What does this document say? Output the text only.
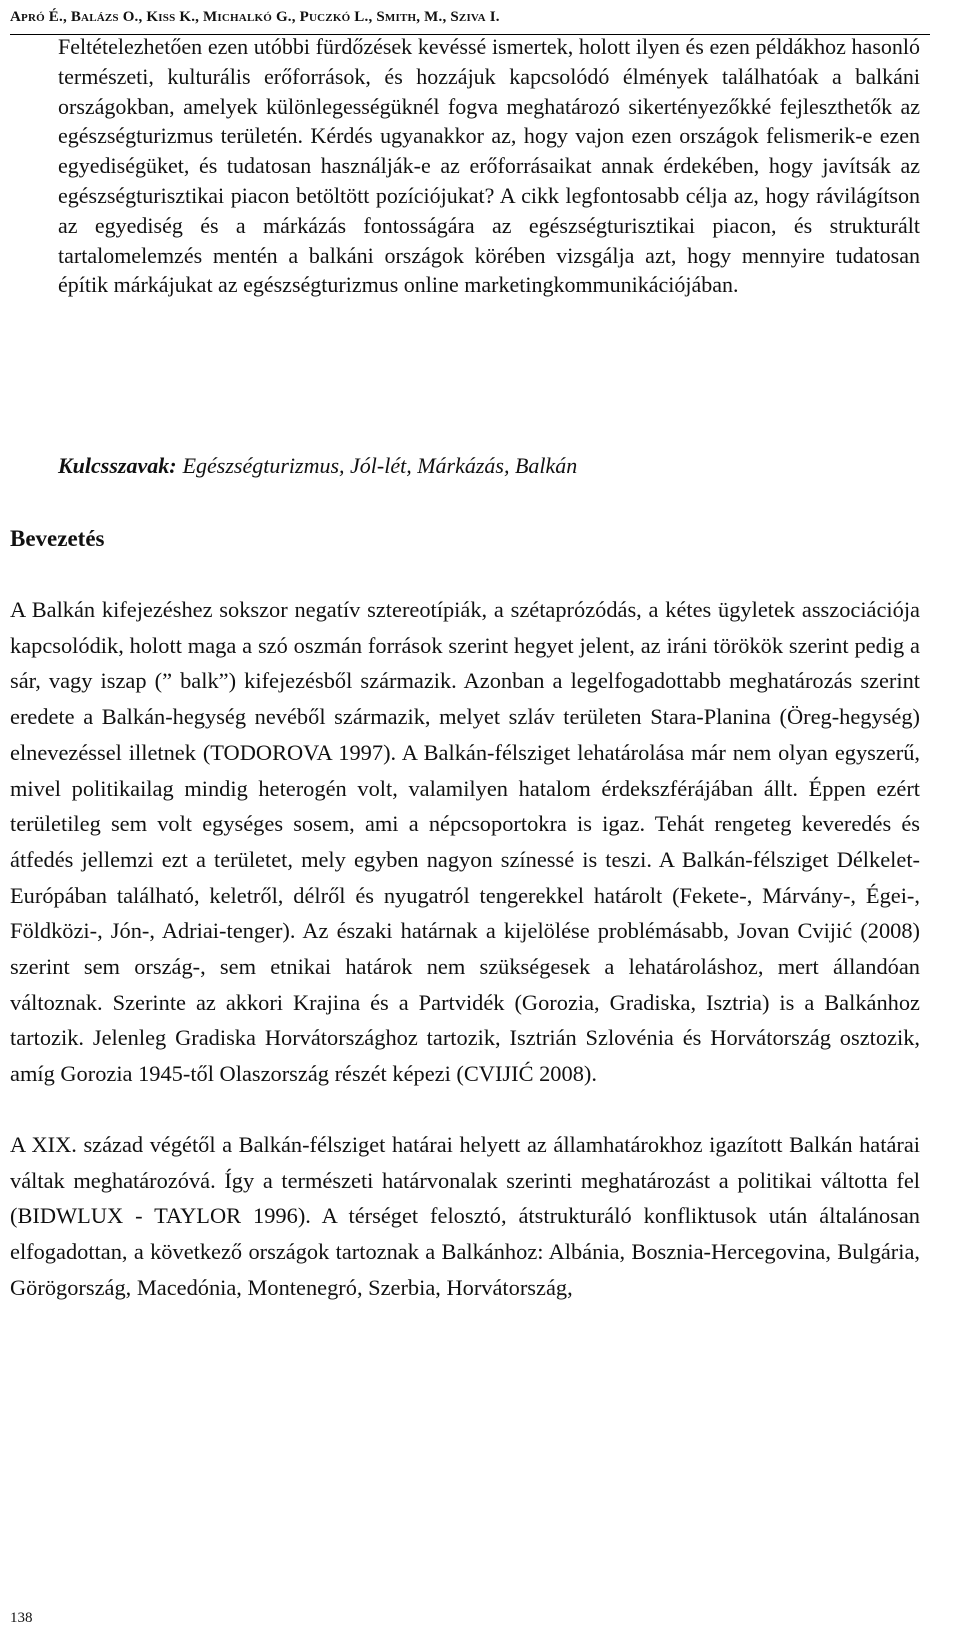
Apró É., Balázs O., Kiss K., Michalkó G., Puczkó L., Smith, M., Sziva I.

Feltételezhetően ezen utóbbi fürdőzések kevéssé ismertek, holott ilyen és ezen példákhoz hasonló természeti, kulturális erőforrások, és hozzájuk kapcsolódó élmények találhatóak a balkáni országokban, amelyek különlegességüknél fogva meghatározó sikertényezőkké fejleszthetők az egészségturizmus területén. Kérdés ugyanakkor az, hogy vajon ezen országok felismerik-e ezen egyediségüket, és tudatosan használják-e az erőforrásaikat annak érdekében, hogy javítsák az egészségturisztikai piacon betöltött pozíciójukat? A cikk legfontosabb célja az, hogy rávilágítson az egyediség és a márkázás fontosságára az egészségturisztikai piacon, és strukturált tartalomelemzés mentén a balkáni országok körében vizsgálja azt, hogy mennyire tudatosan építik márkájukat az egészségturizmus online marketingkommunikációjában.

Kulcsszavak: Egészségturizmus, Jól-lét, Márkázás, Balkán
Bevezetés

A Balkán kifejezéshez sokszor negatív sztereotípiák, a szétaprózódás, a kétes ügyletek asszociációja kapcsolódik, holott maga a szó oszmán források szerint hegyet jelent, az iráni törökök szerint pedig a sár, vagy iszap (” balk”) kifejezésből származik. Azonban a legelfogadottabb meghatározás szerint eredete a Balkán-hegység nevéből származik, melyet szláv területen Stara-Planina (Öreg-hegység) elnevezéssel illetnek (TODOROVA 1997). A Balkán-félsziget lehatárolása már nem olyan egyszerű, mivel politikailag mindig heterogén volt, valamilyen hatalom érdekszférájában állt. Éppen ezért területileg sem volt egységes sosem, ami a népcsoportokra is igaz. Tehát rengeteg keveredés és átfedés jellemzi ezt a területet, mely egyben nagyon színessé is teszi. A Balkán-félsziget Délkelet-Európában található, keletről, délről és nyugatról tengerekkel határolt (Fekete-, Márvány-, Égei-, Földközi-, Jón-, Adriai-tenger). Az északi határnak a kijelölése problémásabb, Jovan Cvijić (2008) szerint sem ország-, sem etnikai határok nem szükségesek a lehatároláshoz, mert állandóan változnak. Szerinte az akkori Krajina és a Partvidék (Gorozia, Gradiska, Isztria) is a Balkánhoz tartozik. Jelenleg Gradiska Horvátországhoz tartozik, Isztrián Szlovénia és Horvátország osztozik, amíg Gorozia 1945-től Olaszország részét képezi (CVIJIĆ 2008).

A XIX. század végétől a Balkán-félsziget határai helyett az államhatárokhoz igazított Balkán határai váltak meghatározóvá. Így a természeti határvonalak szerinti meghatározást a politikai váltotta fel (BIDWLUX - TAYLOR 1996). A térséget felosztó, átstrukturáló konfliktusok után általánosan elfogadottan, a következő országok tartoznak a Balkánhoz: Albánia, Bosznia-Hercegovina, Bulgária, Görögország, Macedónia, Montenegró, Szerbia, Horvátország,

138
